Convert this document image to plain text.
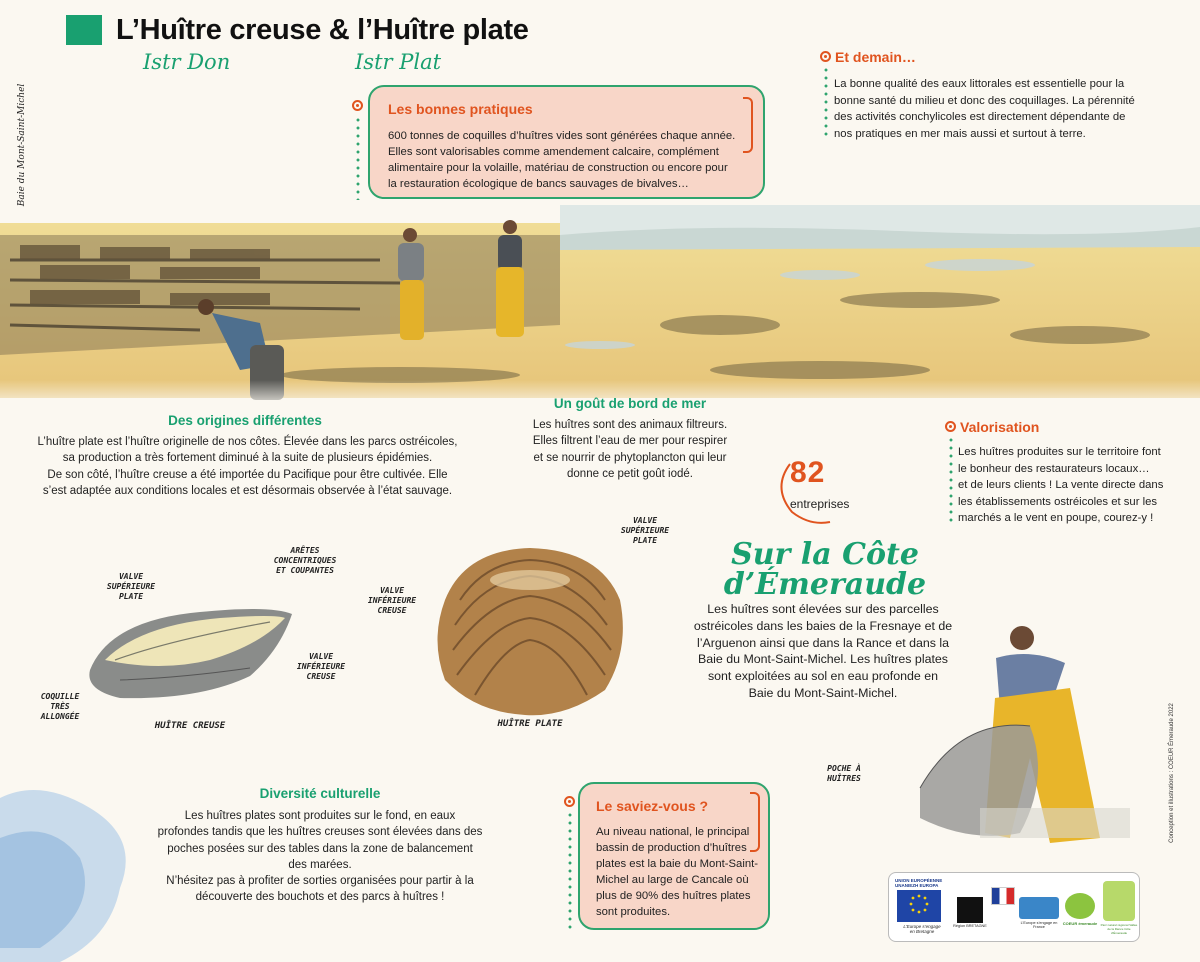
L’Huître creuse & l’Huître plate
Istr Don	Istr Plat
Baie du Mont-Saint-Michel
Conception et illustrations : COEUR Émeraude 2022
Les bonnes pratiques
600 tonnes de coquilles d’huîtres vides sont générées chaque année.
Elles sont valorisables comme amendement calcaire, complément
alimentaire pour la volaille, matériau de construction ou encore pour
la restauration écologique de bancs sauvages de bivalves…
Et demain…
La bonne qualité des eaux littorales est essentielle pour la
bonne santé du milieu et donc des coquillages. La pérennité
des activités conchylicoles est directement dépendante de
nos pratiques en mer mais aussi et surtout à terre.
Des origines différentes
L’huître plate est l’huître originelle de nos côtes. Élevée dans les parcs ostréicoles,
sa production a très fortement diminué à la suite de plusieurs épidémies.
De son côté, l’huître creuse a été importée du Pacifique pour être cultivée. Elle
s’est adaptée aux conditions locales et est désormais observée à l’état sauvage.
Un goût de bord de mer
Les huîtres sont des animaux filtreurs.
Elles filtrent l’eau de mer pour respirer
et se nourrir de phytoplancton qui leur
donne ce petit goût iodé.
Valorisation
Les huîtres produites sur le territoire font
le bonheur des restaurateurs locaux…
et de leurs clients ! La vente directe dans
les établissements ostréicoles et sur les
marchés a le vent en poupe, courez-y !
82
entreprises
Sur la Côte
d’Émeraude
Les huîtres sont élevées sur des parcelles
ostréicoles dans les baies de la Fresnaye et de
l’Arguenon ainsi que dans la Rance et dans la
Baie du Mont-Saint-Michel. Les huîtres plates
sont exploitées au sol en eau profonde en
Baie du Mont-Saint-Michel.
ARÊTES
CONCENTRIQUES
ET COUPANTES
VALVE
SUPÉRIEURE
PLATE
VALVE
INFÉRIEURE
CREUSE
COQUILLE
TRÈS
ALLONGÉE
HUÎTRE CREUSE
VALVE
SUPÉRIEURE
PLATE
VALVE
INFÉRIEURE
CREUSE
HUÎTRE PLATE
POCHE À
HUÎTRES
Diversité culturelle
Les huîtres plates sont produites sur le fond, en eaux
profondes tandis que les huîtres creuses sont élevées dans des
poches posées sur des tables dans la zone de balancement
des marées.
N’hésitez pas à profiter de sorties organisées pour partir à la
découverte des bouchots et des parcs à huîtres !
Le saviez-vous ?
Au niveau national, le principal
bassin de production d’huîtres
plates est la baie du Mont-Saint-
Michel au large de Cancale où
plus de 90% des huîtres plates
sont produites.
UNION EUROPÉENNE
UNANIEZH EUROPA
L’Europe s’engage
en Bretagne
Région BRETAGNE
L’Europe s’engage en France
COEUR émeraude	Parc naturel régional Vallée de la Rance Côte d’Émeraude
